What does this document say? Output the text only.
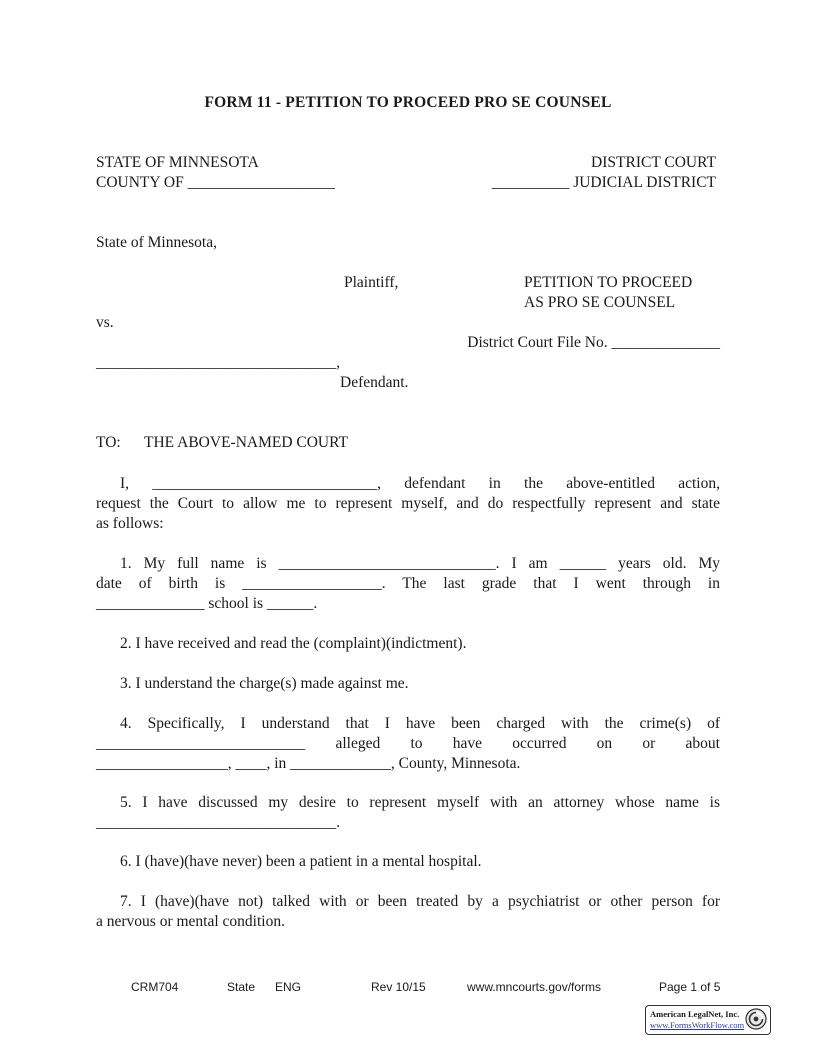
FORM 11 - PETITION TO PROCEED PRO SE COUNSEL
STATE OF MINNESOTA
COUNTY OF ___________________
DISTRICT COURT
__________ JUDICIAL DISTRICT
State of Minnesota,
Plaintiff,	PETITION TO PROCEED
AS PRO SE COUNSEL
vs.
District Court File No. ______________
_______________________________,
Defendant.
TO: THE ABOVE-NAMED COURT
I, _____________________________, defendant in the above-entitled action,
request the Court to allow me to represent myself, and do respectfully represent and state
as follows:
1. My full name is ____________________________. I am ______ years old. My
date of birth is __________________. The last grade that I went through in
______________ school is ______.
2. I have received and read the (complaint)(indictment).
3. I understand the charge(s) made against me.
4. Specifically, I understand that I have been charged with the crime(s) of
___________________________ alleged to have occurred on or about
_________________, ____, in _____________, County, Minnesota.
5. I have discussed my desire to represent myself with an attorney whose name is
_______________________________.
6. I (have)(have never) been a patient in a mental hospital.
7. I (have)(have not) talked with or been treated by a psychiatrist or other person for
a nervous or mental condition.
CRM704	State ENG	Rev 10/15	www.mncourts.gov/forms	Page 1 of 5
American LegalNet, Inc.
www.FormsWorkFlow.com
